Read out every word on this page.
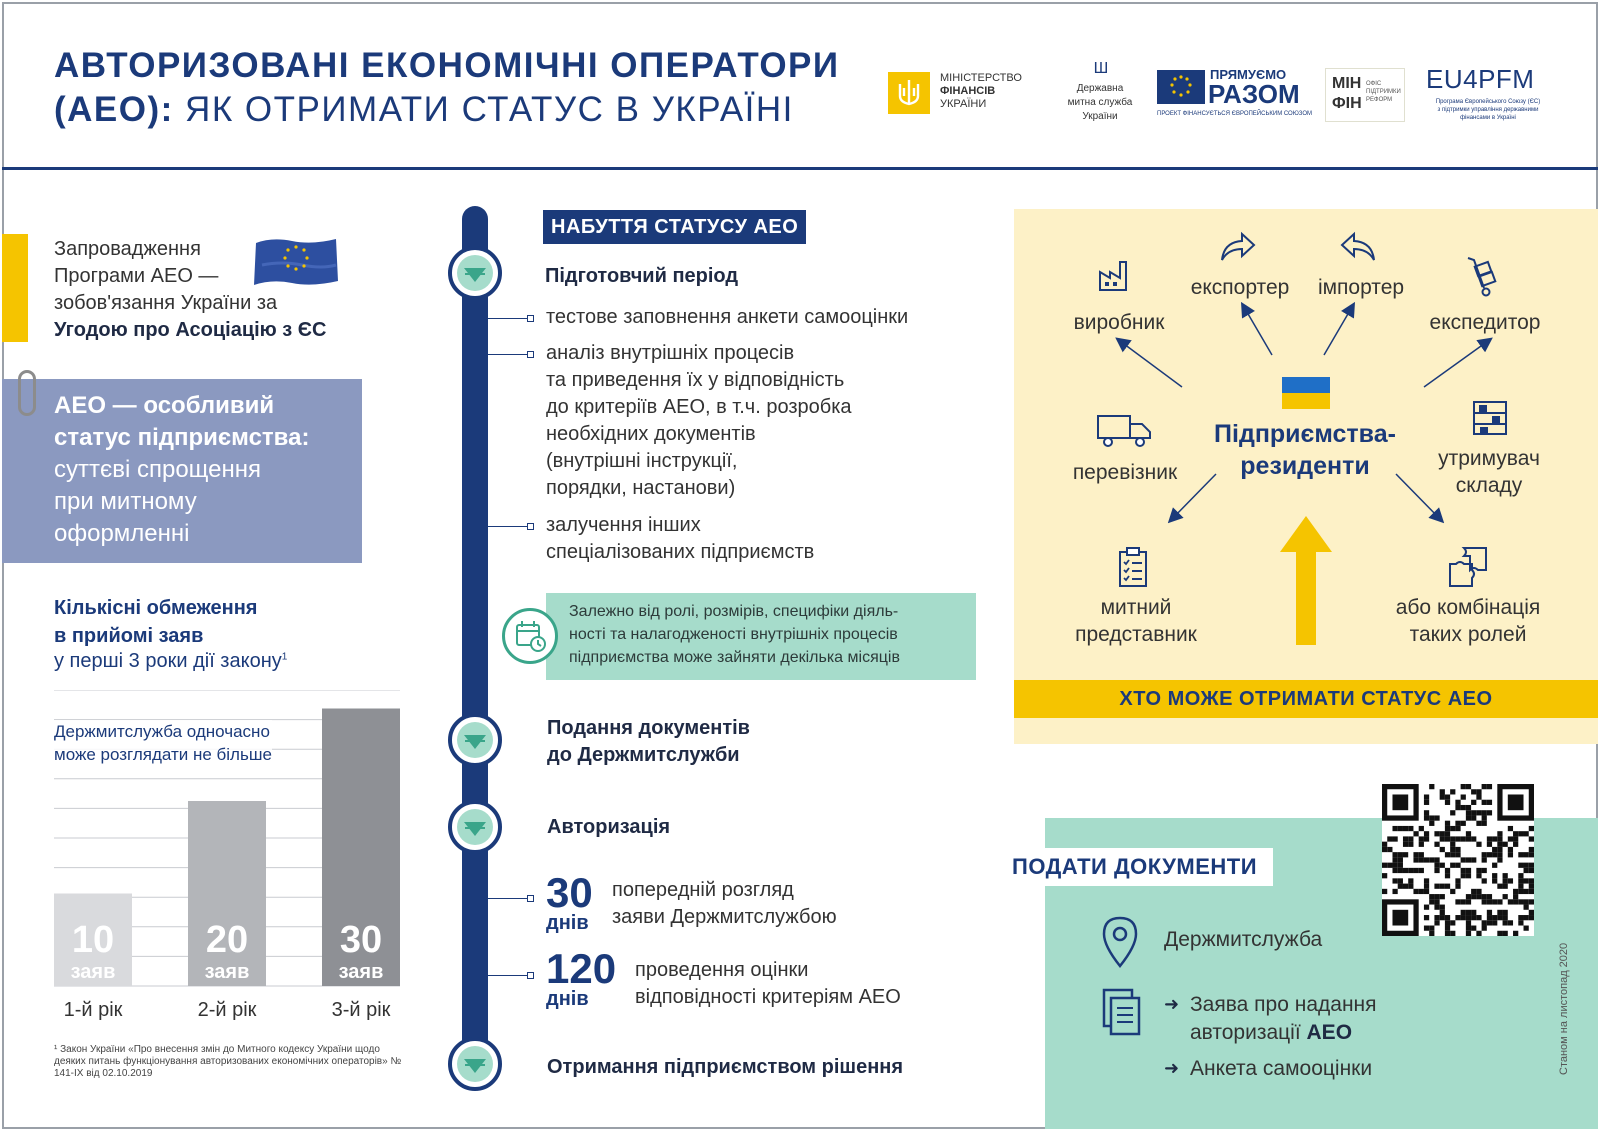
АВТОРИЗОВАНІ ЕКОНОМІЧНІ ОПЕРАТОРИ
(АЕО): ЯК ОТРИМАТИ СТАТУС В УКРАЇНІ
МІНІСТЕРСТВО
ФІНАНСІВ
УКРАЇНИ
Ш
Державна
митна служба
України
ПРЯМУЄМО
РАЗОМ
ПРОЕКТ ФІНАНСУЄТЬСЯ ЄВРОПЕЙСЬКИМ СОЮЗОМ
МІН
ФІН
ОФІС
ПІДТРИМКИ
РЕФОРМ
EU4PFM
Програма Європейського Союзу (ЄС)
з підтримки управління державними
фінансами в Україні
Запровадження
Програми АЕО —
зобов'язання України за
Угодою про Асоціацію з ЄС
АЕО — особливий
статус підприємства:
суттєві спрощення
при митному
оформленні
Кількісні обмеження
в прийомі заяв
у перші 3 роки дії закону$^1$
10
заяв
1-й рік
20
заяв
2-й рік
30
заяв
3-й рік
Держмитслужба одночасно
може розглядати не більше
¹ Закон України «Про внесення змін до Митного кодексу України щодо деяких питань функціонування авторизованих економічних операторів» № 141-IX від 02.10.2019
НАБУТТЯ СТАТУСУ АЕО
Підготовчий період
тестове заповнення анкети самооцінки
аналіз внутрішніх процесів
та приведення їх у відповідність
до критеріїв АЕО, в т.ч. розробка
необхідних документів
(внутрішні інструкції,
порядки, настанови)
залучення інших
спеціалізованих підприємств
Залежно від ролі, розмірів, специфіки діяль-
ності та налагодженості внутрішніх процесів
підприємства може зайняти декілька місяців
Подання документів
до Держмитслужби
Авторизація
30
днів
попередній розгляд
заяви Держмитслужбою
120
днів
проведення оцінки
відповідності критеріям АЕО
Отримання підприємством рішення
виробник
експортер	імпортер
експедитор
перевізник
утримувач
складу
митний
представник
або комбінація
таких ролей
Підприємства-
резиденти
ХТО МОЖЕ ОТРИМАТИ СТАТУС АЕО
ПОДАТИ ДОКУМЕНТИ
Держмитслужба
➜ Заява про надання
авторизації АЕО
➜ Анкета самооцінки	Станом на листопад 2020
